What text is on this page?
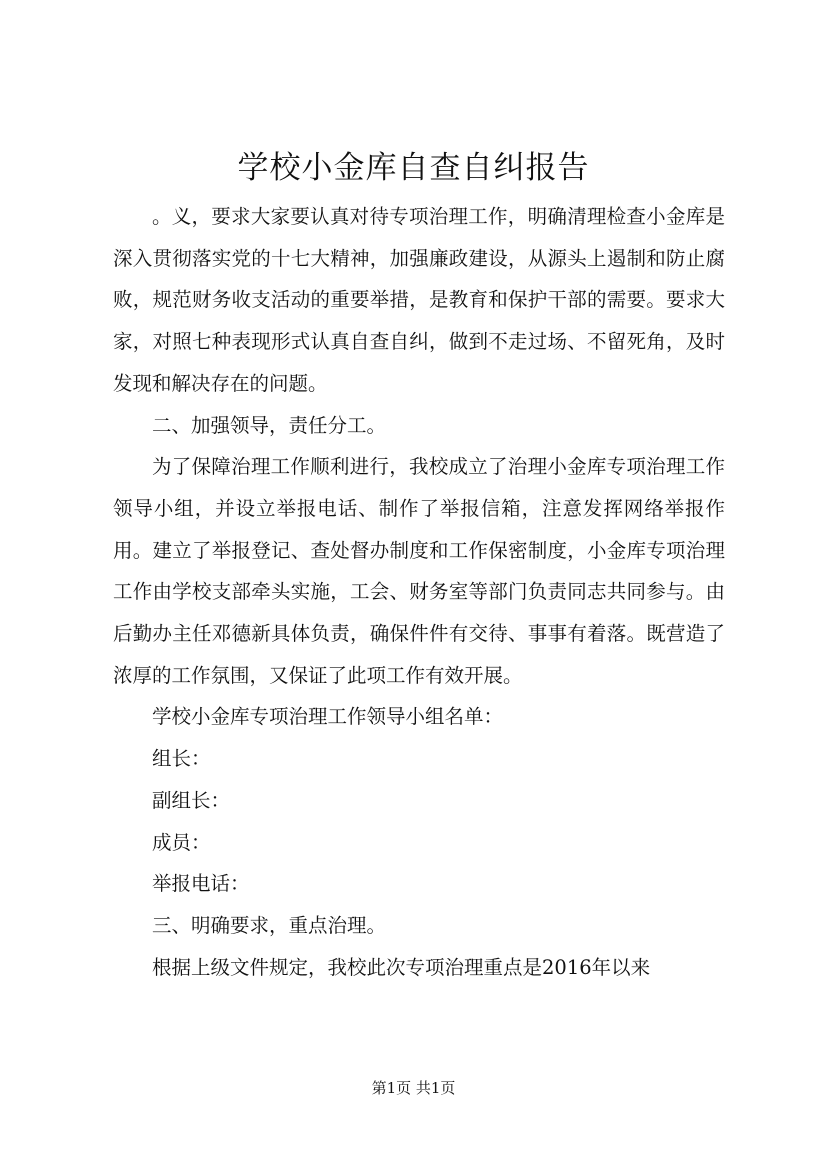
学校小金库自查自纠报告

。义，要求大家要认真对待专项治理工作，明确清理检查小金库是深入贯彻落实党的十七大精神，加强廉政建设，从源头上遏制和防止腐败，规范财务收支活动的重要举措，是教育和保护干部的需要。要求大家，对照七种表现形式认真自查自纠，做到不走过场、不留死角，及时发现和解决存在的问题。

二、加强领导，责任分工。

为了保障治理工作顺利进行，我校成立了治理小金库专项治理工作领导小组，并设立举报电话、制作了举报信箱，注意发挥网络举报作用。建立了举报登记、查处督办制度和工作保密制度，小金库专项治理工作由学校支部牵头实施，工会、财务室等部门负责同志共同参与。由后勤办主任邓德新具体负责，确保件件有交待、事事有着落。既营造了浓厚的工作氛围，又保证了此项工作有效开展。

学校小金库专项治理工作领导小组名单：

组长：

副组长：

成员：

举报电话：

三、明确要求，重点治理。

根据上级文件规定，我校此次专项治理重点是2016年以来

第1页 共1页
